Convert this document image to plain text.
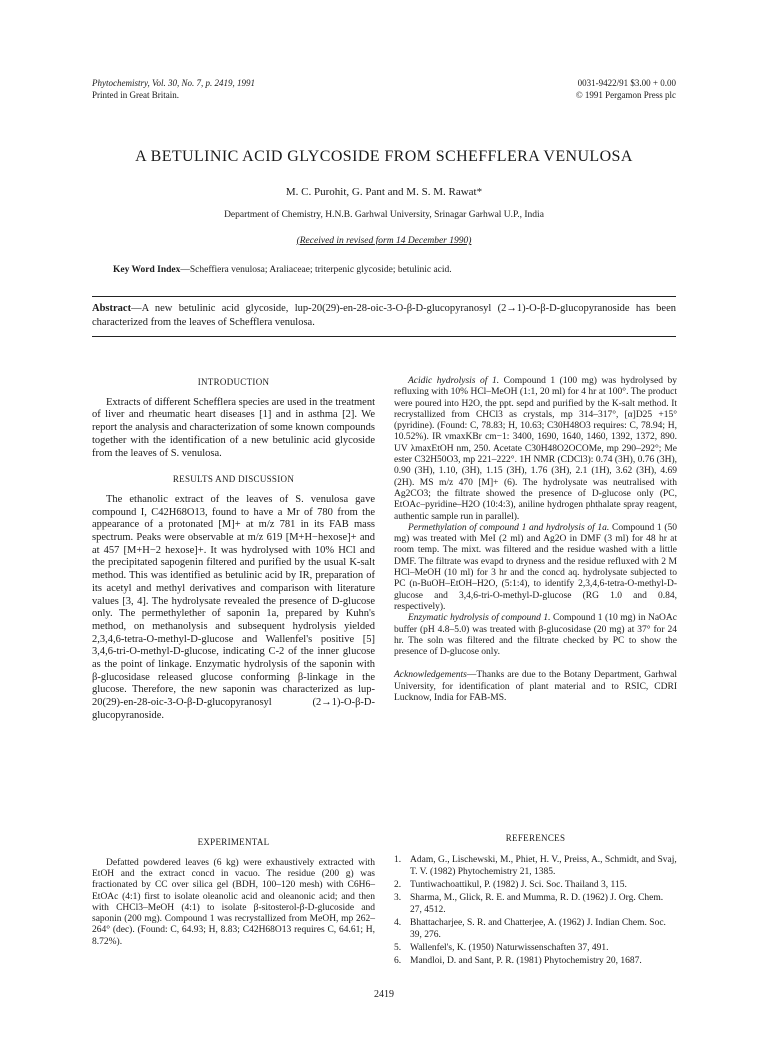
Phytochemistry, Vol. 30, No. 7, p. 2419, 1991
Printed in Great Britain.
0031-9422/91 $3.00 + 0.00
© 1991 Pergamon Press plc
A BETULINIC ACID GLYCOSIDE FROM SCHEFFLERA VENULOSA
M. C. Purohit, G. Pant and M. S. M. Rawat*
Department of Chemistry, H.N.B. Garhwal University, Srinagar Garhwal U.P., India
(Received in revised form 14 December 1990)
Key Word Index—Scheffiera venulosa; Araliaceae; triterpenic glycoside; betulinic acid.
Abstract—A new betulinic acid glycoside, lup-20(29)-en-28-oic-3-O-β-D-glucopyranosyl (2→1)-O-β-D-glucopyranoside has been characterized from the leaves of Schefflera venulosa.
INTRODUCTION

Extracts of different Schefflera species are used in the treatment of liver and rheumatic heart diseases [1] and in asthma [2]. We report the analysis and characterization of some known compounds together with the identification of a new betulinic acid glycoside from the leaves of S. venulosa.

RESULTS AND DISCUSSION

The ethanolic extract of the leaves of S. venulosa gave compound I, C42H68O13, found to have a Mr of 780 from the appearance of a protonated [M]+ at m/z 781 in its FAB mass spectrum. Peaks were observable at m/z 619 [M+H−hexose]+ and at 457 [M+H−2 hexose]+. It was hydrolysed with 10% HCl and the precipitated sapogenin filtered and purified by the usual K-salt method. This was identified as betulinic acid by IR, preparation of its acetyl and methyl derivatives and comparison with literature values [3, 4]. The hydrolysate revealed the presence of D-glucose only. The permethylether of saponin 1a, prepared by Kuhn's method, on methanolysis and subsequent hydrolysis yielded 2,3,4,6-tetra-O-methyl-D-glucose and Wallenfel's positive [5] 3,4,6-tri-O-methyl-D-glucose, indicating C-2 of the inner glucose as the point of linkage. Enzymatic hydrolysis of the saponin with β-glucosidase released glucose conforming β-linkage in the glucose. Therefore, the new saponin was characterized as lup-20(29)-en-28-oic-3-O-β-D-glucopyranosyl (2→1)-O-β-D-glucopyranoside.

EXPERIMENTAL

Defatted powdered leaves (6 kg) were exhaustively extracted with EtOH and the extract concd in vacuo. The residue (200 g) was fractionated by CC over silica gel (BDH, 100–120 mesh) with C6H6–EtOAc (4:1) first to isolate oleanolic acid and oleanonic acid; and then with CHCl3–MeOH (4:1) to isolate β-sitosterol-β-D-glucoside and saponin (200 mg). Compound 1 was recrystallized from MeOH, mp 262–264° (dec). (Found: C, 64.93; H, 8.83; C42H68O13 requires C, 64.61; H, 8.72%).

Acidic hydrolysis of 1. Compound 1 (100 mg) was hydrolysed by refluxing with 10% HCl–MeOH (1:1, 20 ml) for 4 hr at 100°. The product were poured into H2O, the ppt. sepd and purified by the K-salt method. It recrystallized from CHCl3 as crystals, mp 314–317°, [α]D25 +15° (pyridine). (Found: C, 78.83; H, 10.63; C30H48O3 requires: C, 78.94; H, 10.52%). IR νmaxKBr cm−1: 3400, 1690, 1640, 1460, 1392, 1372, 890. UV λmaxEtOH nm, 250. Acetate C30H48O2OCOMe, mp 290–292°; Me ester C32H50O3, mp 221–222°. 1H NMR (CDCl3): 0.74 (3H), 0.76 (3H), 0.90 (3H), 1.10, (3H), 1.15 (3H), 1.76 (3H), 2.1 (1H), 3.62 (3H), 4.69 (2H). MS m/z 470 [M]+ (6). The hydrolysate was neutralised with Ag2CO3; the filtrate showed the presence of D-glucose only (PC, EtOAc–pyridine–H2O (10:4:3), aniline hydrogen phthalate spray reagent, authentic sample run in parallel).

Permethylation of compound 1 and hydrolysis of 1a. Compound 1 (50 mg) was treated with MeI (2 ml) and Ag2O in DMF (3 ml) for 48 hr at room temp. The mixt. was filtered and the residue washed with a little DMF. The filtrate was evapd to dryness and the residue refluxed with 2 M HCl–MeOH (10 ml) for 3 hr and the concd aq. hydrolysate subjected to PC (n-BuOH–EtOH–H2O, (5:1:4), to identify 2,3,4,6-tetra-O-methyl-D-glucose and 3,4,6-tri-O-methyl-D-glucose (RG 1.0 and 0.84, respectively).

Enzymatic hydrolysis of compound 1. Compound 1 (10 mg) in NaOAc buffer (pH 4.8–5.0) was treated with β-glucosidase (20 mg) at 37° for 24 hr. The soln was filtered and the filtrate checked by PC to show the presence of D-glucose only.

Acknowledgements—Thanks are due to the Botany Department, Garhwal University, for identification of plant material and to RSIC, CDRI Lucknow, India for FAB-MS.

REFERENCES
1. Adam, G., Lischewski, M., Phiet, H. V., Preiss, A., Schmidt, and Svaj, T. V. (1982) Phytochemistry 21, 1385.
2. Tuntiwachoattikul, P. (1982) J. Sci. Soc. Thailand 3, 115.
3. Sharma, M., Glick, R. E. and Mumma, R. D. (1962) J. Org. Chem. 27, 4512.
4. Bhattacharjee, S. R. and Chatterjee, A. (1962) J. Indian Chem. Soc. 39, 276.
5. Wallenfel's, K. (1950) Naturwissenschaften 37, 491.
6. Mandloi, D. and Sant, P. R. (1981) Phytochemistry 20, 1687.
2419
